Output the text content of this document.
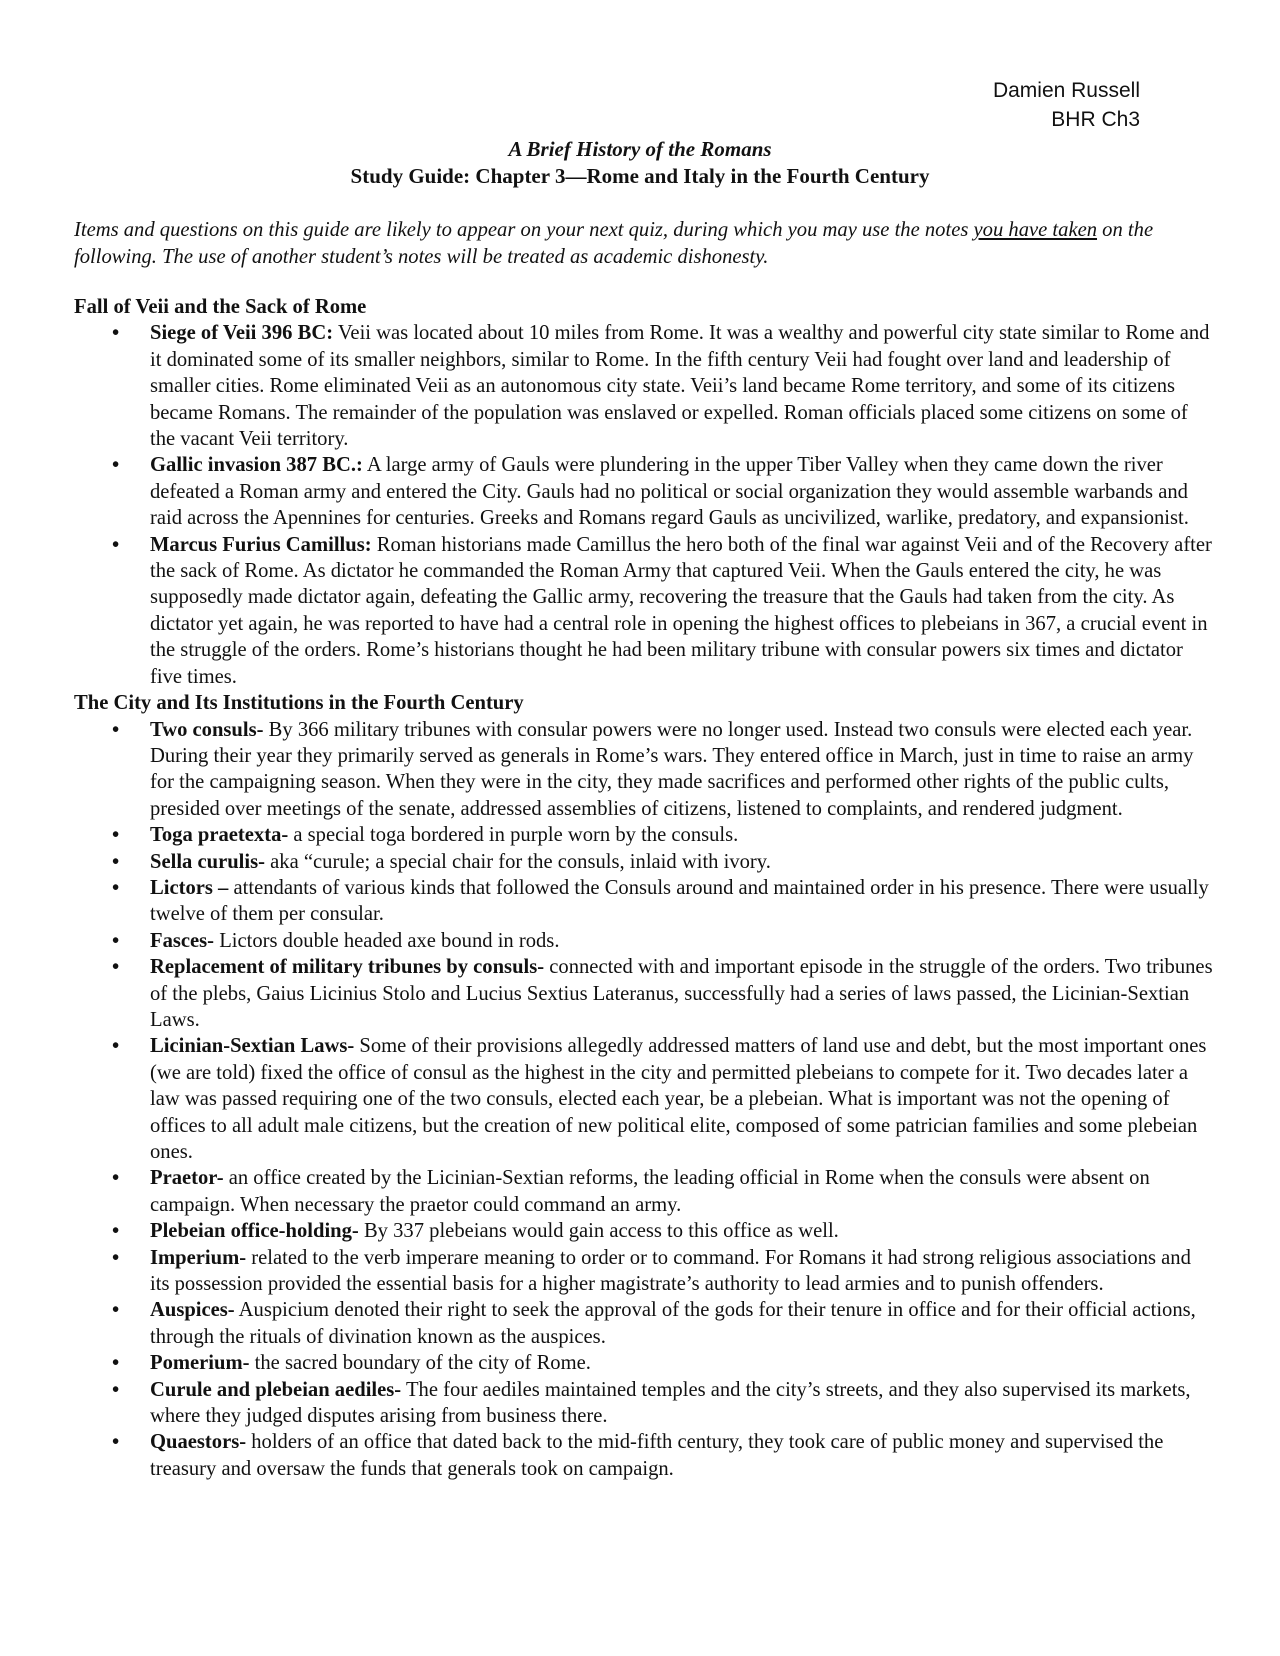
Damien Russell
BHR Ch3
A Brief History of the Romans
Study Guide: Chapter 3—Rome and Italy in the Fourth Century
Items and questions on this guide are likely to appear on your next quiz, during which you may use the notes you have taken on the following. The use of another student’s notes will be treated as academic dishonesty.
Fall of Veii and the Sack of Rome
• Siege of Veii 396 BC: Veii was located about 10 miles from Rome. It was a wealthy and powerful city state similar to Rome and it dominated some of its smaller neighbors, similar to Rome. In the fifth century Veii had fought over land and leadership of smaller cities. Rome eliminated Veii as an autonomous city state. Veii’s land became Rome territory, and some of its citizens became Romans. The remainder of the population was enslaved or expelled. Roman officials placed some citizens on some of the vacant Veii territory.
• Gallic invasion 387 BC.: A large army of Gauls were plundering in the upper Tiber Valley when they came down the river defeated a Roman army and entered the City. Gauls had no political or social organization they would assemble warbands and raid across the Apennines for centuries. Greeks and Romans regard Gauls as uncivilized, warlike, predatory, and expansionist.
• Marcus Furius Camillus: Roman historians made Camillus the hero both of the final war against Veii and of the Recovery after the sack of Rome. As dictator he commanded the Roman Army that captured Veii. When the Gauls entered the city, he was supposedly made dictator again, defeating the Gallic army, recovering the treasure that the Gauls had taken from the city. As dictator yet again, he was reported to have had a central role in opening the highest offices to plebeians in 367, a crucial event in the struggle of the orders. Rome’s historians thought he had been military tribune with consular powers six times and dictator five times.
The City and Its Institutions in the Fourth Century
• Two consuls- By 366 military tribunes with consular powers were no longer used. Instead two consuls were elected each year. During their year they primarily served as generals in Rome’s wars. They entered office in March, just in time to raise an army for the campaigning season. When they were in the city, they made sacrifices and performed other rights of the public cults, presided over meetings of the senate, addressed assemblies of citizens, listened to complaints, and rendered judgment.
• Toga praetexta- a special toga bordered in purple worn by the consuls.
• Sella curulis- aka “curule; a special chair for the consuls, inlaid with ivory.
• Lictors – attendants of various kinds that followed the Consuls around and maintained order in his presence. There were usually twelve of them per consular.
• Fasces- Lictors double headed axe bound in rods.
• Replacement of military tribunes by consuls- connected with and important episode in the struggle of the orders. Two tribunes of the plebs, Gaius Licinius Stolo and Lucius Sextius Lateranus, successfully had a series of laws passed, the Licinian-Sextian Laws.
• Licinian-Sextian Laws- Some of their provisions allegedly addressed matters of land use and debt, but the most important ones (we are told) fixed the office of consul as the highest in the city and permitted plebeians to compete for it. Two decades later a law was passed requiring one of the two consuls, elected each year, be a plebeian. What is important was not the opening of offices to all adult male citizens, but the creation of new political elite, composed of some patrician families and some plebeian ones.
• Praetor- an office created by the Licinian-Sextian reforms, the leading official in Rome when the consuls were absent on campaign. When necessary the praetor could command an army.
• Plebeian office-holding- By 337 plebeians would gain access to this office as well.
• Imperium- related to the verb imperare meaning to order or to command. For Romans it had strong religious associations and its possession provided the essential basis for a higher magistrate’s authority to lead armies and to punish offenders.
• Auspices- Auspicium denoted their right to seek the approval of the gods for their tenure in office and for their official actions, through the rituals of divination known as the auspices.
• Pomerium- the sacred boundary of the city of Rome.
• Curule and plebeian aediles- The four aediles maintained temples and the city’s streets, and they also supervised its markets, where they judged disputes arising from business there.
• Quaestors- holders of an office that dated back to the mid-fifth century, they took care of public money and supervised the treasury and oversaw the funds that generals took on campaign.
